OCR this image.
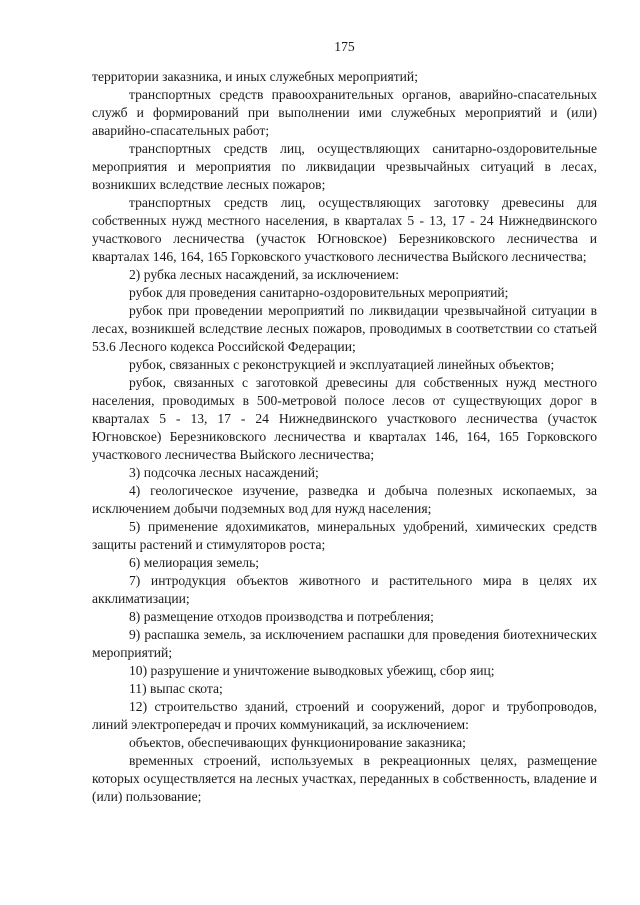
175

территории заказника, и иных служебных мероприятий;

транспортных средств правоохранительных органов, аварийно-спасательных служб и формирований при выполнении ими служебных мероприятий и (или) аварийно-спасательных работ;

транспортных средств лиц, осуществляющих санитарно-оздоровительные мероприятия и мероприятия по ликвидации чрезвычайных ситуаций в лесах, возникших вследствие лесных пожаров;

транспортных средств лиц, осуществляющих заготовку древесины для собственных нужд местного населения, в кварталах 5 - 13, 17 - 24 Нижнедвинского участкового лесничества (участок Югновское) Березниковского лесничества и кварталах 146, 164, 165 Горковского участкового лесничества Выйского лесничества;

2) рубка лесных насаждений, за исключением:

рубок для проведения санитарно-оздоровительных мероприятий;

рубок при проведении мероприятий по ликвидации чрезвычайной ситуации в лесах, возникшей вследствие лесных пожаров, проводимых в соответствии со статьей 53.6 Лесного кодекса Российской Федерации;

рубок, связанных с реконструкцией и эксплуатацией линейных объектов;

рубок, связанных с заготовкой древесины для собственных нужд местного населения, проводимых в 500-метровой полосе лесов от существующих дорог в кварталах 5 - 13, 17 - 24 Нижнедвинского участкового лесничества (участок Югновское) Березниковского лесничества и кварталах 146, 164, 165 Горковского участкового лесничества Выйского лесничества;

3) подсочка лесных насаждений;

4) геологическое изучение, разведка и добыча полезных ископаемых, за исключением добычи подземных вод для нужд населения;

5) применение ядохимикатов, минеральных удобрений, химических средств защиты растений и стимуляторов роста;

6) мелиорация земель;

7) интродукция объектов животного и растительного мира в целях их акклиматизации;

8) размещение отходов производства и потребления;

9) распашка земель, за исключением распашки для проведения биотехнических мероприятий;

10) разрушение и уничтожение выводковых убежищ, сбор яиц;

11) выпас скота;

12) строительство зданий, строений и сооружений, дорог и трубопроводов, линий электропередач и прочих коммуникаций, за исключением:

объектов, обеспечивающих функционирование заказника;

временных строений, используемых в рекреационных целях, размещение которых осуществляется на лесных участках, переданных в собственность, владение и (или) пользование;
